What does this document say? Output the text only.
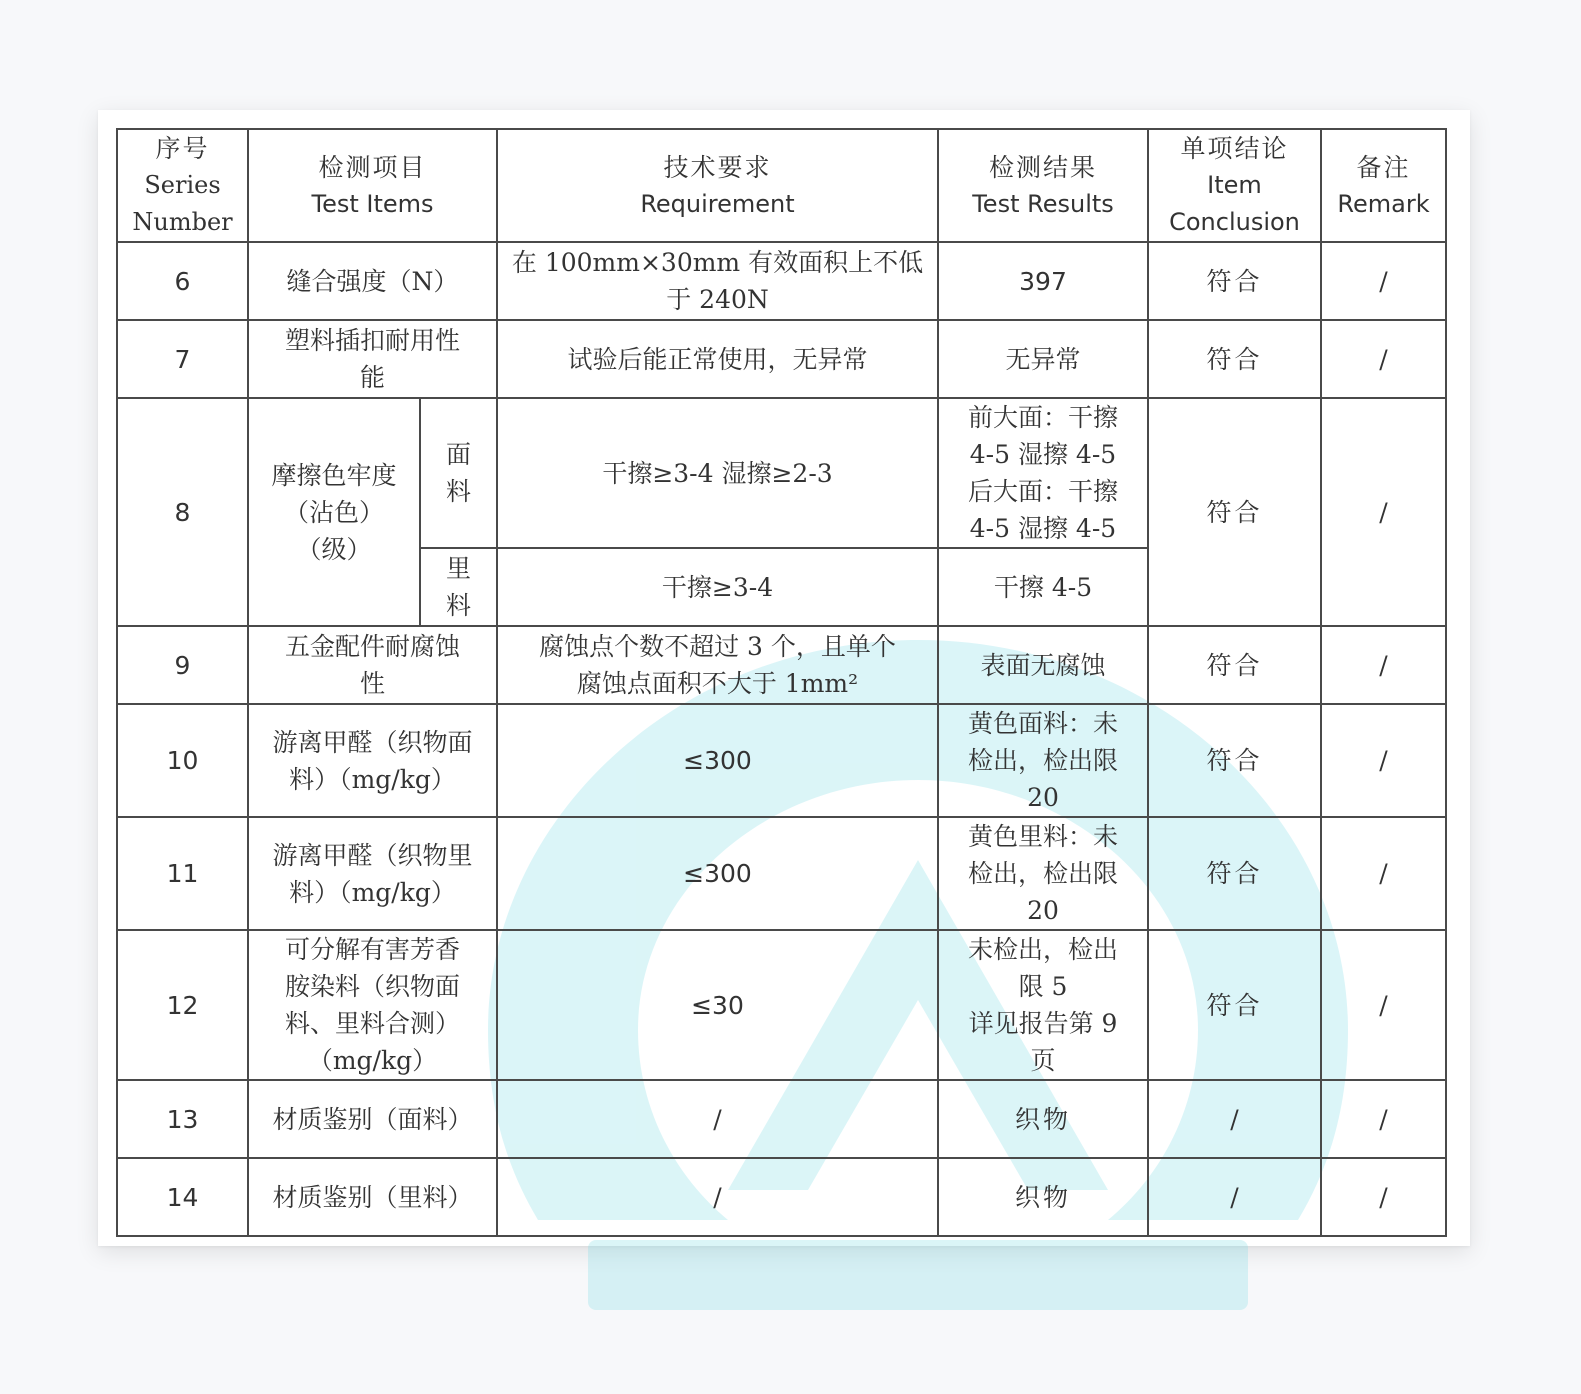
序号
Series
Number	检测项目
Test Items		技术要求
Requirement	检测结果
Test Results	单项结论
Item
Conclusion	备注
Remark

6	缝合强度（N）		在 100mm×30mm 有效面积上不低
于 240N	397	符合	/
7	塑料插扣耐用性
能		试验后能正常使用，无异常	无异常	符合	/
8	摩擦色牢度
（沾色）
（级）	面
料	干擦≥3-4 湿擦≥2-3	前大面：干擦
4-5 湿擦 4-5
后大面：干擦
4-5 湿擦 4-5	符合	/

		里
料	干擦≥3-4	干擦 4-5		
9	五金配件耐腐蚀
性		腐蚀点个数不超过 3 个，且单个
腐蚀点面积不大于 1mm²	表面无腐蚀	符合	/
10	游离甲醛（织物面
料）（mg/kg）		≤300	黄色面料：未
检出，检出限
20	符合	/
11	游离甲醛（织物里
料）（mg/kg）		≤300	黄色里料：未
检出，检出限
20	符合	/
12	可分解有害芳香
胺染料（织物面
料、里料合测）
（mg/kg）		≤30	未检出，检出
限 5
详见报告第 9
页	符合	/
13	材质鉴别（面料）		/	织物	/	/
14	材质鉴别（里料）		/	织物	/	/
